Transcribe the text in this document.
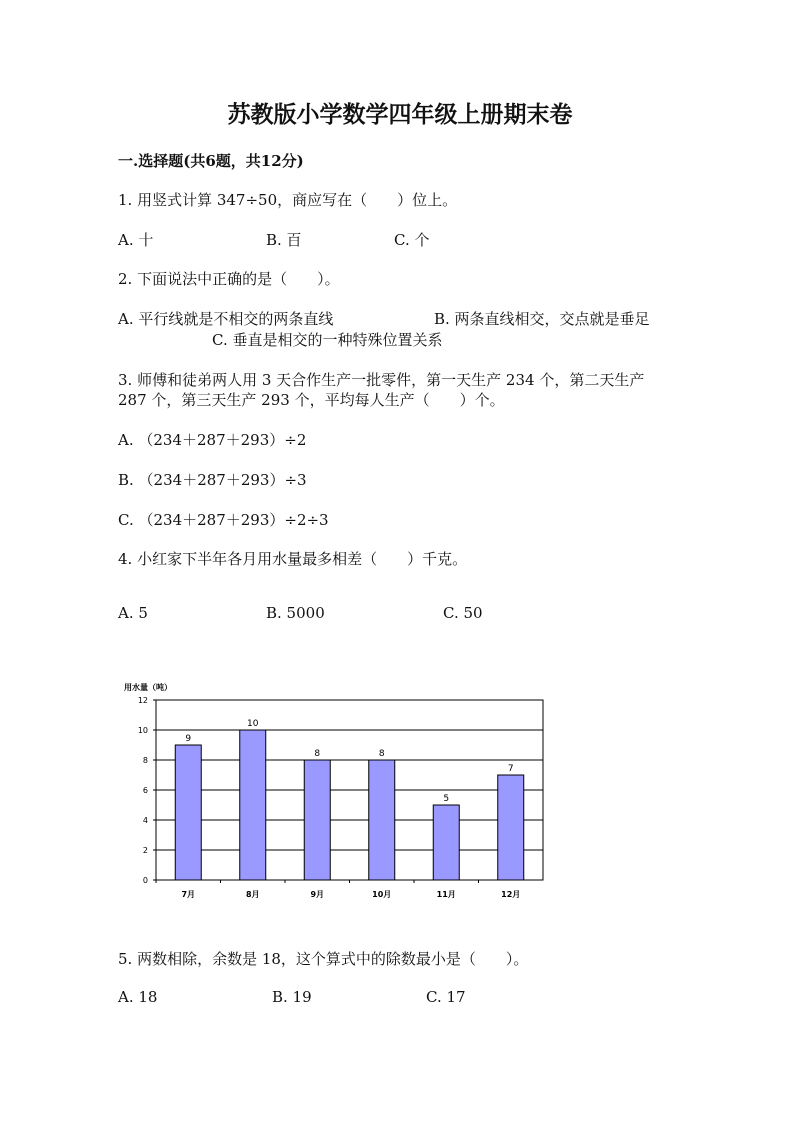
苏教版小学数学四年级上册期末卷
一.选择题(共6题，共12分)
1. 用竖式计算 347÷50，商应写在（　　）位上。
A. 十	B. 百	C. 个
2. 下面说法中正确的是（　　）。
A. 平行线就是不相交的两条直线	B. 两条直线相交，交点就是垂足
C. 垂直是相交的一种特殊位置关系
3. 师傅和徒弟两人用 3 天合作生产一批零件，第一天生产 234 个，第二天生产
287 个，第三天生产 293 个，平均每人生产（　　）个。
A. （234＋287＋293）÷2
B. （234＋287＋293）÷3
C. （234＋287＋293）÷2÷3
4. 小红家下半年各月用水量最多相差（　　）千克。
A. 5	B. 5000	C. 50
用水量（吨）
0
2
4
6
8
10
12
9
7月
10
8月
8
9月
8
10月
5
11月
7
12月
5. 两数相除，余数是 18，这个算式中的除数最小是（　　）。
A. 18	B. 19	C. 17
